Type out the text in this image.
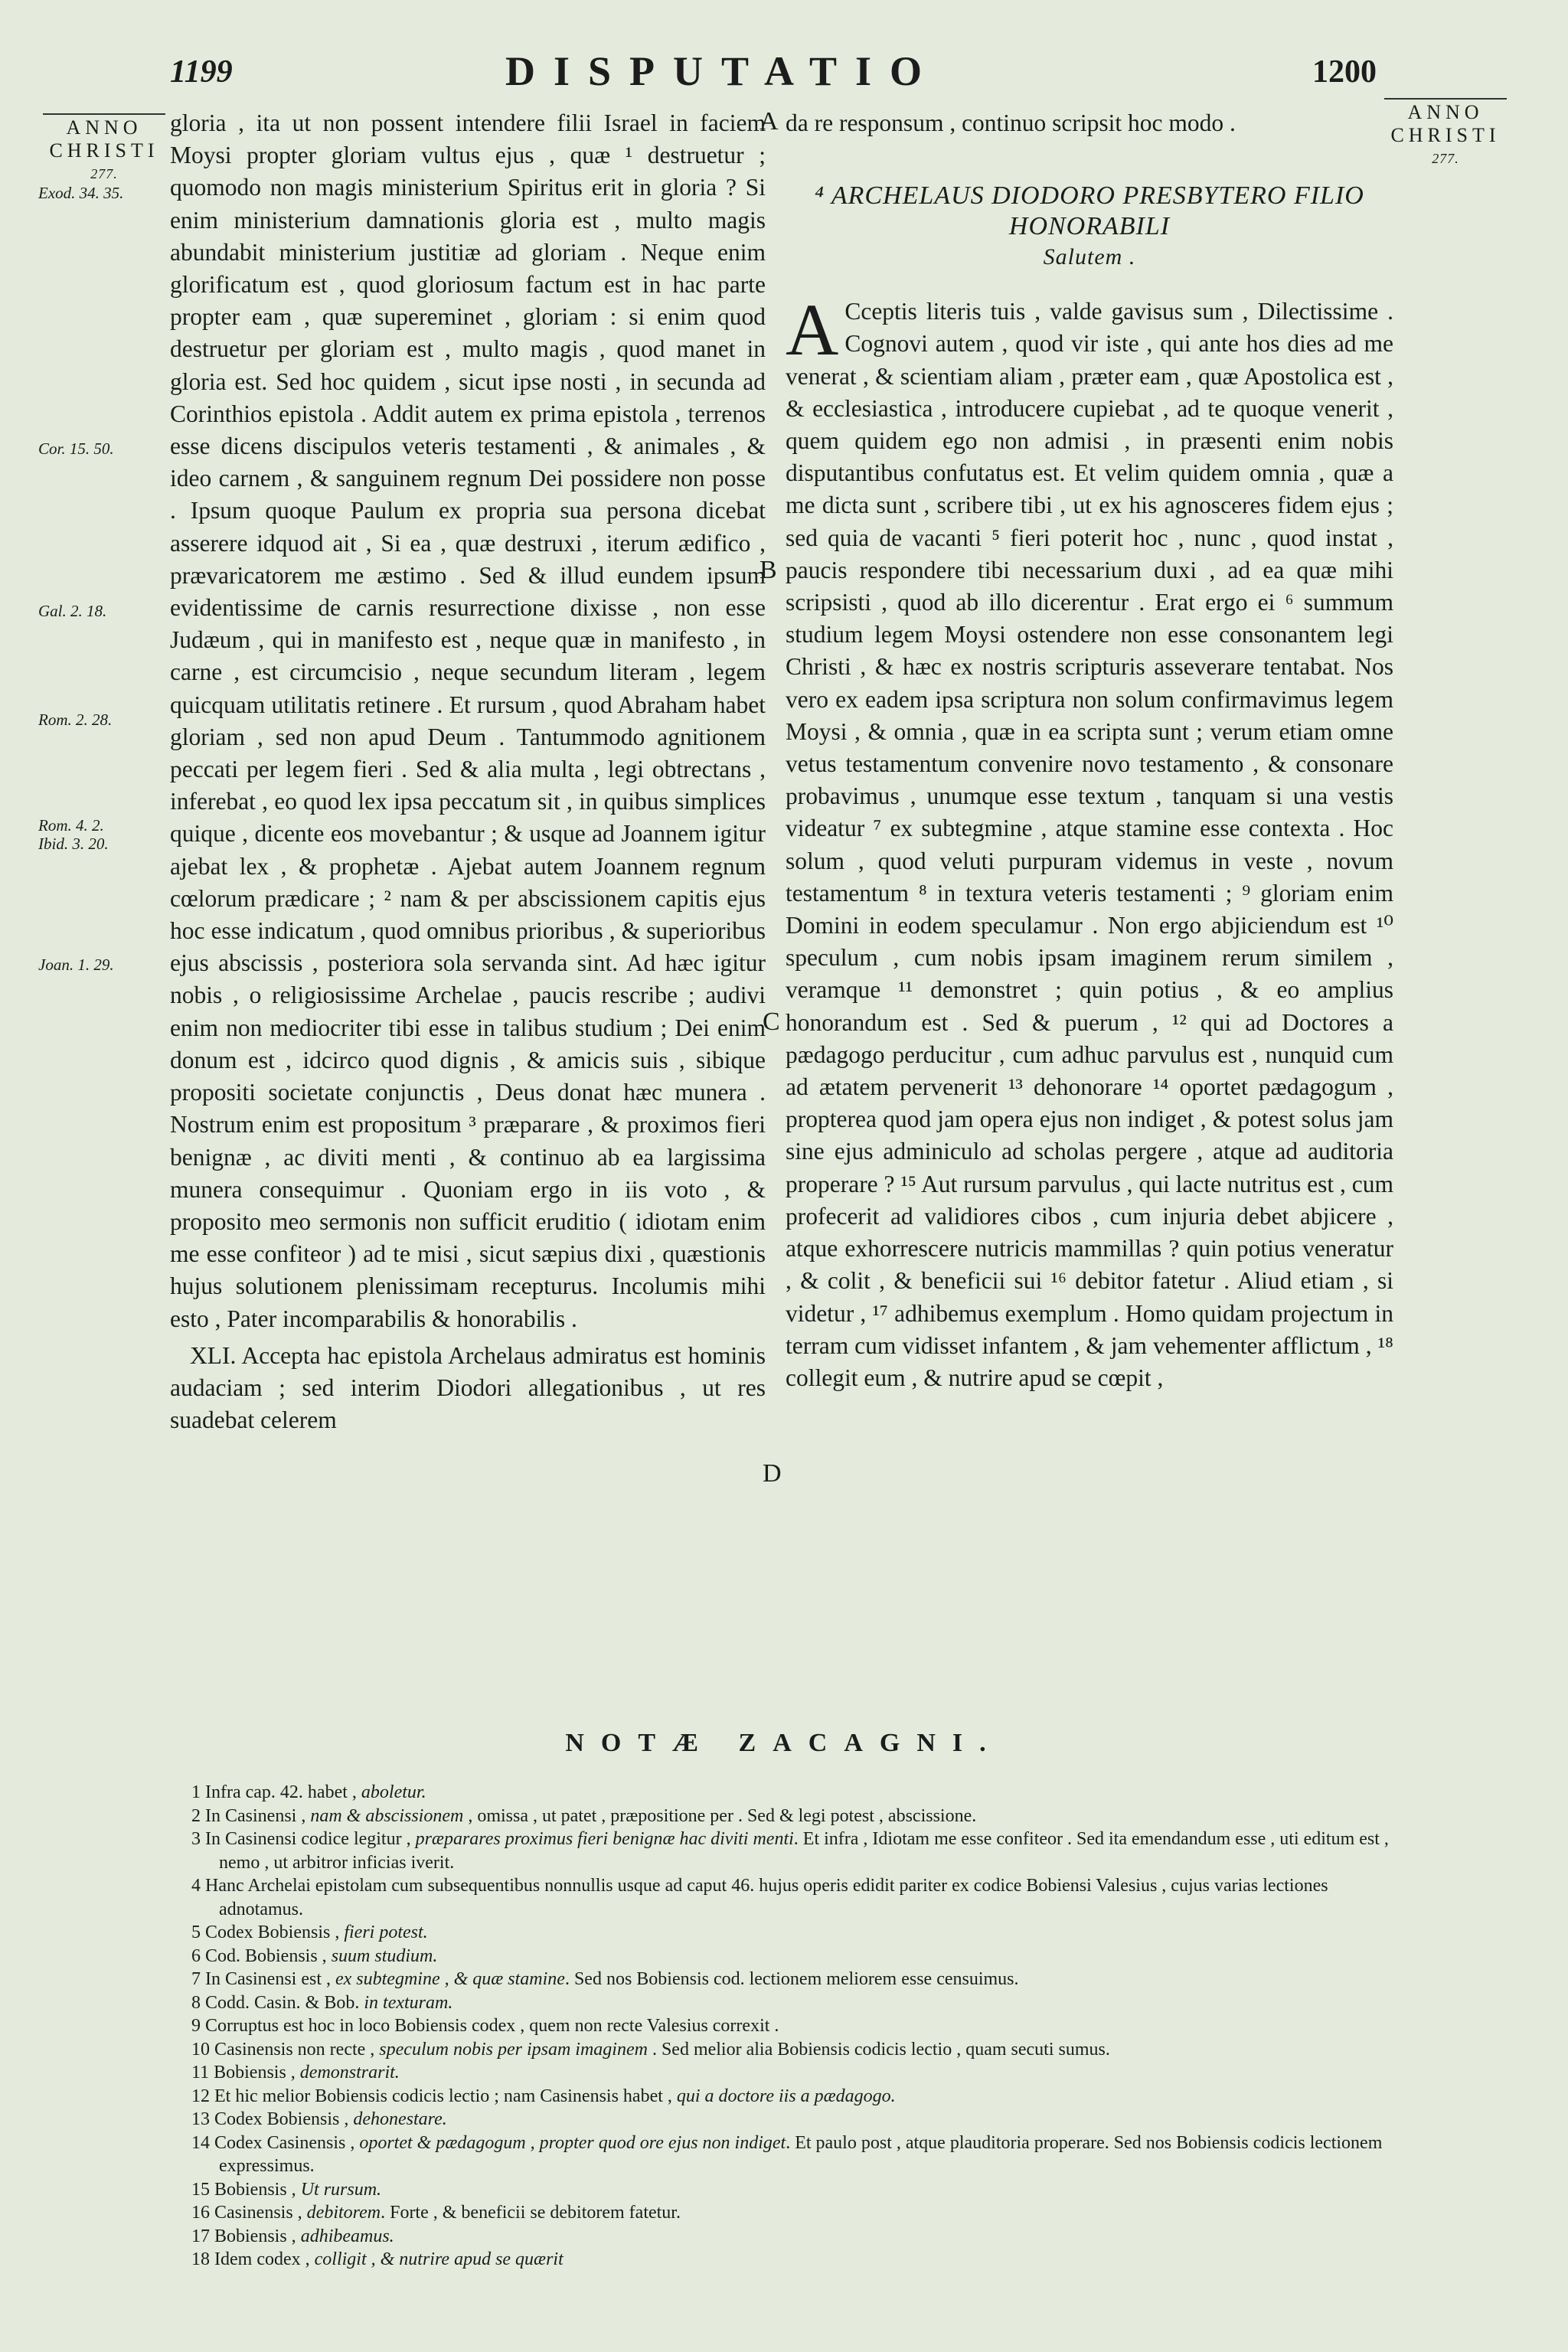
1199	DISPUTATIO	1200
ANNO
CHRISTI
277.
ANNO
CHRISTI
277.
Exod. 34. 35.
Cor. 15. 50.
Gal. 2. 18.
Rom. 2. 28.
Rom. 4. 2.
Ibid. 3. 20.
Joan. 1. 29.
A
B
C
D

gloria , ita ut non possent intendere filii Israel in faciem Moysi propter gloriam vultus ejus , quæ ¹ destruetur ; quomodo non magis ministerium Spiritus erit in gloria ? Si enim ministerium damnationis gloria est , multo magis abundabit ministerium justitiæ ad gloriam . Neque enim glorificatum est , quod gloriosum factum est in hac parte propter eam , quæ supereminet , gloriam : si enim quod destruetur per gloriam est , multo magis , quod manet in gloria est. Sed hoc quidem , sicut ipse nosti , in secunda ad Corinthios epistola . Addit autem ex prima epistola , terrenos esse dicens discipulos veteris testamenti , & animales , & ideo carnem , & sanguinem regnum Dei possidere non posse . Ipsum quoque Paulum ex propria sua persona dicebat asserere idquod ait , Si ea , quæ destruxi , iterum ædifico , prævaricatorem me æstimo . Sed & illud eundem ipsum evidentissime de carnis resurrectione dixisse , non esse Judæum , qui in manifesto est , neque quæ in manifesto , in carne , est circumcisio , neque secundum literam , legem quicquam utilitatis retinere . Et rursum , quod Abraham habet gloriam , sed non apud Deum . Tantummodo agnitionem peccati per legem fieri . Sed & alia multa , legi obtrectans , inferebat , eo quod lex ipsa peccatum sit , in quibus simplices quique , dicente eos movebantur ; & usque ad Joannem igitur ajebat lex , & prophetæ . Ajebat autem Joannem regnum cœlorum prædicare ; ² nam & per abscissionem capitis ejus hoc esse indicatum , quod omnibus prioribus , & superioribus ejus abscissis , posteriora sola servanda sint. Ad hæc igitur nobis , o religiosissime Archelae , paucis rescribe ; audivi enim non mediocriter tibi esse in talibus studium ; Dei enim donum est , idcirco quod dignis , & amicis suis , sibique propositi societate conjunctis , Deus donat hæc munera . Nostrum enim est propositum ³ præparare , & proximos fieri benignæ , ac diviti menti , & continuo ab ea largissima munera consequimur . Quoniam ergo in iis voto , & proposito meo sermonis non sufficit eruditio ( idiotam enim me esse confiteor ) ad te misi , sicut sæpius dixi , quæstionis hujus solutionem plenissimam recepturus. Incolumis mihi esto , Pater incomparabilis & honorabilis .

XLI. Accepta hac epistola Archelaus admiratus est hominis audaciam ; sed interim Diodori allegationibus , ut res suadebat celerem

da re responsum , continuo scripsit hoc modo .

⁴ ARCHELAUS DIODORO PRESBYTERO FILIO HONORABILI
Salutem .

A Cceptis literis tuis , valde gavisus sum , Dilectissime . Cognovi autem , quod vir iste , qui ante hos dies ad me venerat , & scientiam aliam , præter eam , quæ Apostolica est , & ecclesiastica , introducere cupiebat , ad te quoque venerit , quem quidem ego non admisi , in præsenti enim nobis disputantibus confutatus est. Et velim quidem omnia , quæ a me dicta sunt , scribere tibi , ut ex his agnosceres fidem ejus ; sed quia de vacanti ⁵ fieri poterit hoc , nunc , quod instat , paucis respondere tibi necessarium duxi , ad ea quæ mihi scripsisti , quod ab illo dicerentur . Erat ergo ei ⁶ summum studium legem Moysi ostendere non esse consonantem legi Christi , & hæc ex nostris scripturis asseverare tentabat. Nos vero ex eadem ipsa scriptura non solum confirmavimus legem Moysi , & omnia , quæ in ea scripta sunt ; verum etiam omne vetus testamentum convenire novo testamento , & consonare probavimus , unumque esse textum , tanquam si una vestis videatur ⁷ ex subtegmine , atque stamine esse contexta . Hoc solum , quod veluti purpuram videmus in veste , novum testamentum ⁸ in textura veteris testamenti ; ⁹ gloriam enim Domini in eodem speculamur . Non ergo abjiciendum est ¹⁰ speculum , cum nobis ipsam imaginem rerum similem , veramque ¹¹ demonstret ; quin potius , & eo amplius honorandum est . Sed & puerum , ¹² qui ad Doctores a pædagogo perducitur , cum adhuc parvulus est , nunquid cum ad ætatem pervenerit ¹³ dehonorare ¹⁴ oportet pædagogum , propterea quod jam opera ejus non indiget , & potest solus jam sine ejus adminiculo ad scholas pergere , atque ad auditoria properare ? ¹⁵ Aut rursum parvulus , qui lacte nutritus est , cum profecerit ad validiores cibos , cum injuria debet abjicere , atque exhorrescere nutricis mammillas ? quin potius veneratur , & colit , & beneficii sui ¹⁶ debitor fatetur . Aliud etiam , si videtur , ¹⁷ adhibemus exemplum . Homo quidam projectum in terram cum vidisset infantem , & jam vehementer afflictum , ¹⁸ collegit eum , & nutrire apud se cœpit ,

NOTÆ ZACAGNI.

1 Infra cap. 42. habet , aboletur.

2 In Casinensi , nam & abscissionem , omissa , ut patet , præpositione per . Sed & legi potest , abscissione.

3 In Casinensi codice legitur , præparares proximus fieri benignæ hac diviti menti. Et infra , Idiotam me esse confiteor . Sed ita emendandum esse , uti editum est , nemo , ut arbitror inficias iverit.

4 Hanc Archelai epistolam cum subsequentibus nonnullis usque ad caput 46. hujus operis edidit pariter ex codice Bobiensi Valesius , cujus varias lectiones adnotamus.

5 Codex Bobiensis , fieri potest.

6 Cod. Bobiensis , suum studium.

7 In Casinensi est , ex subtegmine , & quæ stamine. Sed nos Bobiensis cod. lectionem meliorem esse censuimus.

8 Codd. Casin. & Bob. in texturam.

9 Corruptus est hoc in loco Bobiensis codex , quem non recte Valesius correxit .

10 Casinensis non recte , speculum nobis per ipsam imaginem . Sed melior alia Bobiensis codicis lectio , quam secuti sumus.

11 Bobiensis , demonstrarit.

12 Et hic melior Bobiensis codicis lectio ; nam Casinensis habet , qui a doctore iis a pædagogo.

13 Codex Bobiensis , dehonestare.

14 Codex Casinensis , oportet & pædagogum , propter quod ore ejus non indiget. Et paulo post , atque plauditoria properare. Sed nos Bobiensis codicis lectionem expressimus.

15 Bobiensis , Ut rursum.

16 Casinensis , debitorem. Forte , & beneficii se debitorem fatetur.

17 Bobiensis , adhibeamus.

18 Idem codex , colligit , & nutrire apud se quærit
